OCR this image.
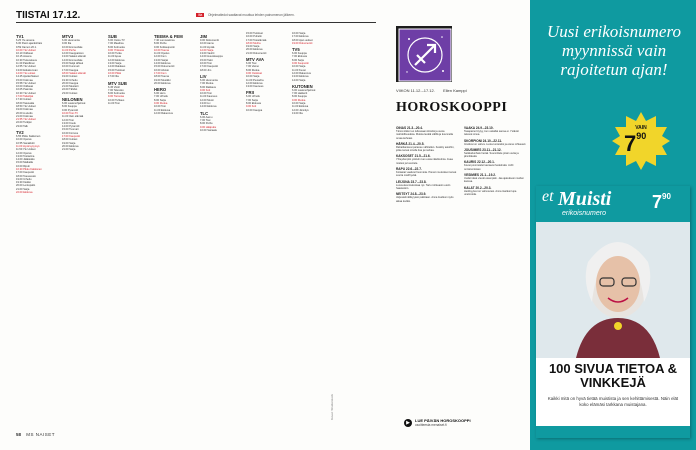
TIISTAI 17.12.	Ilta	Ohjelmatiedot saattavat muuttua lehden painomenon jälkeen.
TV1
6.25 Yle areena
6.30 Pasin ajankohtais
9.59 Oamon 20.1.
10.00 Yle Uutiset
10.10 Oddaset
10.15 Areena
10.30 Tulevaisuus
11.30 Pakollinen
12.55 Yle Uutiset
13.00 Eduskunnan
14.00 Yle uutiset
14.25 Ajankohtaiset
15.00 Kotimaa
15.58 Yle Uutiset
16.00 Oddasat
16.05 Pasinka
16.30 Yle Uutiset
17.00 Taiteilijat
17.30 Uutiset
18.00 Tasavalta
18.50 Yle Uutiset
19.00 Kotimaa
20.00 A-studio
21.00 Kotimaa
21.55 Yle Uutiset
22.00 Tutkijat
23.00 Talk
TV2
6.55 Pikku Kakkonen
10.00 Opetus
10.55 Sanaklubi
11.00 Hyvä kysymys
11.50 Yle Uutiset
12.00 Opetus
13.00 Tositarina
14.00 Jääkiekko
15.00 Matkalla
16.00 Ripuli
16.30 Pikku Kakkonen
17.00 Kaupunki
18.00 Teeveessä
19.00 Urheilu
19.30 Kiekko
20.00 Lentopallo
21.00 Sarja
22.00 Elokuva
MTV3
6.00 Huomenta
9.00 Ilta
10.00 Emmerdale
11.00 Perhe
12.00 Kauppatoivo
13.00 Salatut elämät
14.00 Emmerdale
15.00 Neljä tähteä
16.00 Kummeli
17.00 Kauppa
18.00 Salatut elämät
19.00 Uutiset
19.30 Urheilu
20.00 Kauppa
21.00 Mestarit
22.00 Tähdet
23.00 Uutiset
NELONEN
6.00 Lastenohjelmat
8.00 Kauppa
9.00 Pyramidi
10.00 Tosi-TV
11.00 Vain elämää
12.00 Tosi
13.00 Koulu
14.00 Pyramidi
15.00 Tuomari
16.00 Fortune
17.00 Kaupunki
18.00 Uutiset
19.00 Sarja
20.00 Elokuva
21.00 Sarja
SUB
6.00 Ostos-TV
7.00 Maailma
8.00 Kotiruoka
9.00 Yhdessä
10.00 Tutka
11.00 Apua
12.00 Elokuva
13.00 Sarja
14.00 Rakkaus
15.00 Tulokset
16.00 Pitkä
17.00 Ilta
MTV SUB
6.45 Visiiri
7.00 Televisio
8.00 Kotiruoka
9.00 Tietovisa
10.00 Tuhlaus
11.00 Tosi
TEEMA & FEM
7.40 Lumovaloma
8.00 Perhe
9.00 Kotikaupunki
10.00 Teema
11.00 Opetus
12.00 Fem
13.00 Sarjat
14.00 Elokuva
15.00 Dokumentti
16.00 Arkisto
17.00 Fem
18.00 Teema
19.00 Musiikki
20.00 Elokuva
HERO
6.00 Hero
7.00 Urheilu
8.00 Sarja
9.00 Ruoka
10.00 Tosi
11.00 Elokuva
12.00 Rakennus
JIM
9.00 Dokumentti
10.00 Aamu
11.00 Hyvää
12.00 Sarja
13.00 Vauhti
14.00 Huutokauppa
15.00 Talot
16.00 Tosi
17.00 Kaupunki
18.00 Jim
LIV
6.00 Huomenta
7.00 Ruoka
8.00 Rakkaus
9.00 Koti
10.00 Tosi
11.00 Kauneus
12.00 Muoti
13.00 Liv
14.00 Elokuva
TLC
6.00 Aamu
7.00 Tosi
8.00 Perhe
9.00 Hääpuku
10.00 Sairaala
15.00 Tulokset
16.00 Puhelin
17.00 Tosielämää
18.00 Murha
19.00 Sarja
20.00 Elokuva
21.00 Dokumentti
MTV AVA
6.00 Tosi
7.00 Vaimo
8.00 Ruoka
9.00 Ostokset
10.00 Sarja
11.00 Puutarha
12.00 Elokuva
13.00 Kauneus
FRII
6.00 Urheilu
7.00 Sarja
8.00 Elokuva
9.00 Koti
10.00 Kauppa
16.00 Sarja
17.00 Elokuva
18.00 Ajan uutiset
19.00 Dokumentti
TV5
6.00 Kauppa
7.00 Elokuva
8.00 Sarja
9.00 Kaupunki
10.00 Sarja
11.00 Kuvat
12.00 Rakennus
13.00 Elokuva
14.00 Sarja
KUTONEN
6.00 Lastenohjelmat
7.00 Hakkerit
8.00 Kauppa
9.00 Ruoka
10.00 Sarja
11.00 Elokuva
12.00 Jännitys
13.00 Ilta
Kuvat: Shutterstock
58 MS NAISET
VIIKON 11.12.–17.12. Ellen Kamppi
HOROSKOOPPI
OINAS 21.3.–20.4.

Tämä viikko tuo tullessaan kiireitä ja uusia mahdollisuuksia. Muista levätä välillä ja kuunnella omaa kehoasi.

HÄRKÄ 21.4.–20.5.

Rahatilanteesi paranee vähitellen. Keskity asioihin, jotka tuovat sinulle iloa ja rauhaa.

KAKSOSET 21.5.–21.6.

Yhteydenpito ystäviin tuo uusia näkökulmia. Avaa mielesi ja kuuntele.

RAPU 22.6.–22.7.

Kotiasiat vaativat huomiota. Pienet muutokset tuovat suurta mielihyvää.

LEIJONA 23.7.–23.8.

Luovuutesi kukoistaa nyt. Tartu rohkeasti uusiin haasteisiin.

NEITSYT 24.8.–23.9.

Järjestelmällisyytesi palkitaan. Anna itsellesi myös aikaa levätä.

▶	LUE PÄIVÄN HOROSKOOPPI
osoitteesta menaiset.fi
VAAKA 24.9.–23.10.

Tasapaino löytyy, kun uskallat sanoa ei. Ystävät tukevat sinua.

SKORPIONI 24.10.–22.11.

Intuitiosi on vahva. Luota tunteisiisi ja etene rohkeasti.

JOUSIMIES 23.11.–21.12.

Seikkailunhalu herää. Suunnittele jotain uutta ja jännittävää.

KAURIS 22.12.–20.1.

Kovat ponnistelut kantavat hedelmää. Juhli onnistumisiasi.

VESIMIES 21.1.–19.2.

Uudet ideat vievät eteenpäin. Jaa ajatuksesi muiden kanssa.

KALAT 20.2.–20.3.

Herkkyytesi on vahvuutesi. Anna itsellesi lupa unelmoida.

Uusi erikoisnumero myynnissä vain rajoitetun ajan!
VAIN
$7^{90}$
et Muisti
erikoisnumero
$7^{90}$
100 SIVUA TIETOA & VINKKEJÄ
Kaikki mitä on hyvä tietää muistista ja sen kehittämisestä. Näin elät koko elämäsi tarkkana muistajana.
